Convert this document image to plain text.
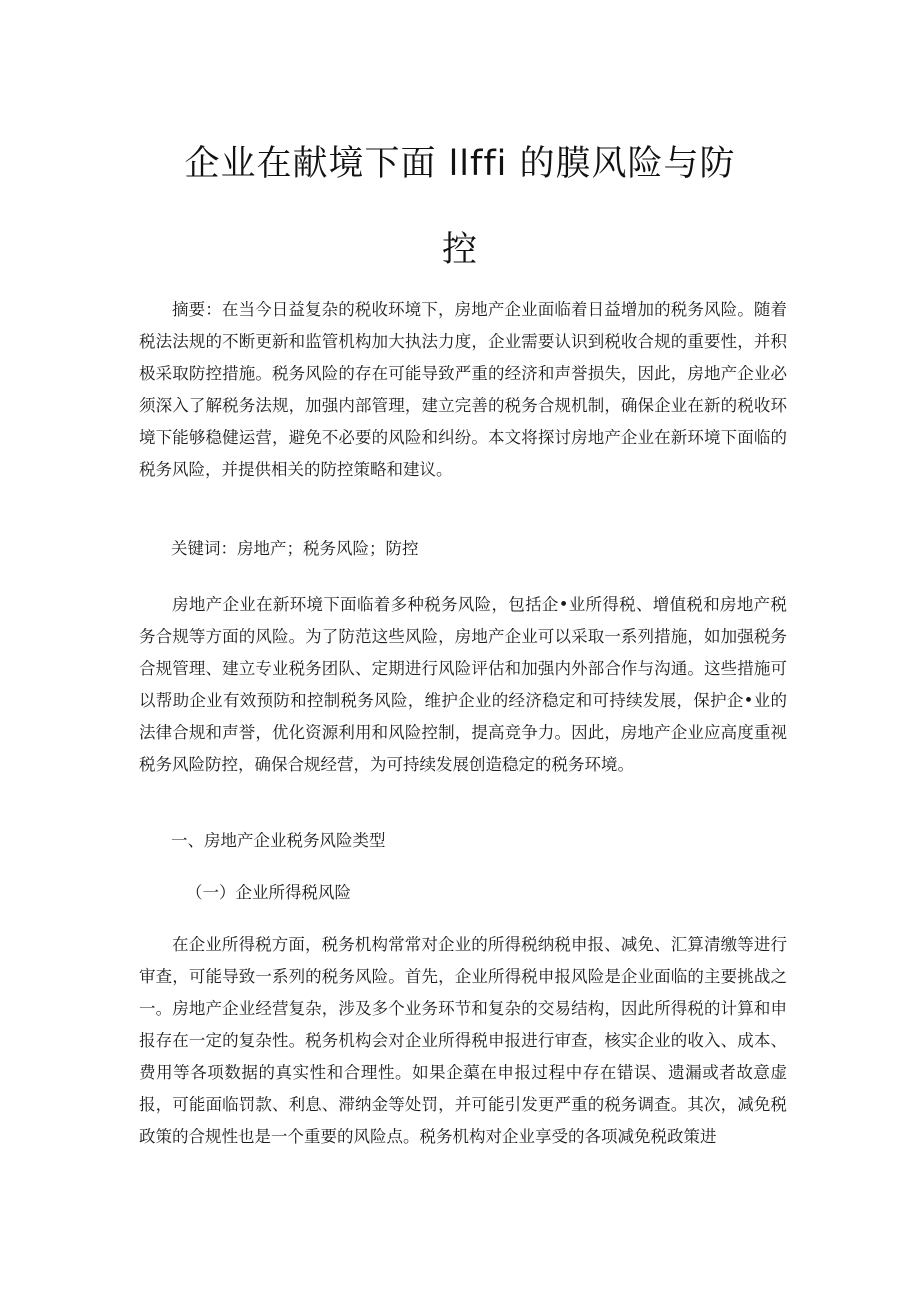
企业在献境下面 llffi 的膜风险与防
控

摘要：在当今日益复杂的税收环境下，房地产企业面临着日益增加的税务风险。随着税法法规的不断更新和监管机构加大执法力度，企业需要认识到税收合规的重要性，并积极采取防控措施。税务风险的存在可能导致严重的经济和声誉损失，因此，房地产企业必须深入了解税务法规，加强内部管理，建立完善的税务合规机制，确保企业在新的税收环境下能够稳健运营，避免不必要的风险和纠纷。本文将探讨房地产企业在新环境下面临的税务风险，并提供相关的防控策略和建议。

关键词：房地产；税务风险；防控

房地产企业在新环境下面临着多种税务风险，包括企•业所得税、增值税和房地产税务合规等方面的风险。为了防范这些风险，房地产企业可以采取一系列措施，如加强税务合规管理、建立专业税务团队、定期进行风险评估和加强内外部合作与沟通。这些措施可以帮助企业有效预防和控制税务风险，维护企业的经济稳定和可持续发展，保护企•业的法律合规和声誉，优化资源利用和风险控制，提高竞争力。因此，房地产企业应高度重视税务风险防控，确保合规经营，为可持续发展创造稳定的税务环境。

一、房地产企业税务风险类型

（一）企业所得税风险

在企业所得税方面，税务机构常常对企业的所得税纳税申报、减免、汇算清缴等进行审查，可能导致一系列的税务风险。首先，企业所得税申报风险是企业面临的主要挑战之一。房地产企业经营复杂，涉及多个业务环节和复杂的交易结构，因此所得税的计算和申报存在一定的复杂性。税务机构会对企业所得税申报进行审查，核实企业的收入、成本、费用等各项数据的真实性和合理性。如果企蕖在申报过程中存在错误、遗漏或者故意虚报，可能面临罚款、利息、滞纳金等处罚，并可能引发更严重的税务调查。其次，减免税政策的合规性也是一个重要的风险点。税务机构对企业享受的各项减免税政策进
